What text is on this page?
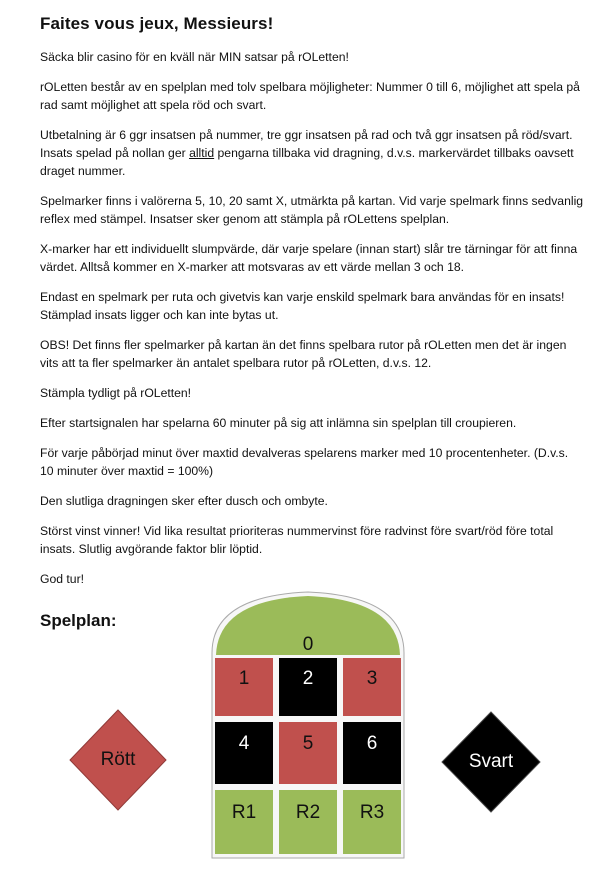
Faites vous jeux, Messieurs!

Säcka blir casino för en kväll när MIN satsar på rOLetten!

rOLetten består av en spelplan med tolv spelbara möjligheter: Nummer 0 till 6, möjlighet att spela på rad samt möjlighet att spela röd och svart.

Utbetalning är 6 ggr insatsen på nummer, tre ggr insatsen på rad och två ggr insatsen på röd/svart.
Insats spelad på nollan ger alltid pengarna tillbaka vid dragning, d.v.s. markervärdet tillbaks oavsett draget nummer.

Spelmarker finns i valörerna 5, 10, 20 samt X, utmärkta på kartan. Vid varje spelmark finns sedvanlig reflex med stämpel. Insatser sker genom att stämpla på rOLettens spelplan.

X-marker har ett individuellt slumpvärde, där varje spelare (innan start) slår tre tärningar för att finna värdet. Alltså kommer en X-marker att motsvaras av ett värde mellan 3 och 18.

Endast en spelmark per ruta och givetvis kan varje enskild spelmark bara användas för en insats! Stämplad insats ligger och kan inte bytas ut.

OBS! Det finns fler spelmarker på kartan än det finns spelbara rutor på rOLetten men det är ingen vits att ta fler spelmarker än antalet spelbara rutor på rOLetten, d.v.s. 12.

Stämpla tydligt på rOLetten!

Efter startsignalen har spelarna 60 minuter på sig att inlämna sin spelplan till croupieren.

För varje påbörjad minut över maxtid devalveras spelarens marker med 10 procentenheter. (D.v.s. 10 minuter över maxtid = 100%)

Den slutliga dragningen sker efter dusch och ombyte.

Störst vinst vinner! Vid lika resultat prioriteras nummervinst före radvinst före svart/röd före total insats. Slutlig avgörande faktor blir löptid.

God tur!

Spelplan:
0
1	2	3
4	5	6
R1 R2 R3
Rött	Svart
